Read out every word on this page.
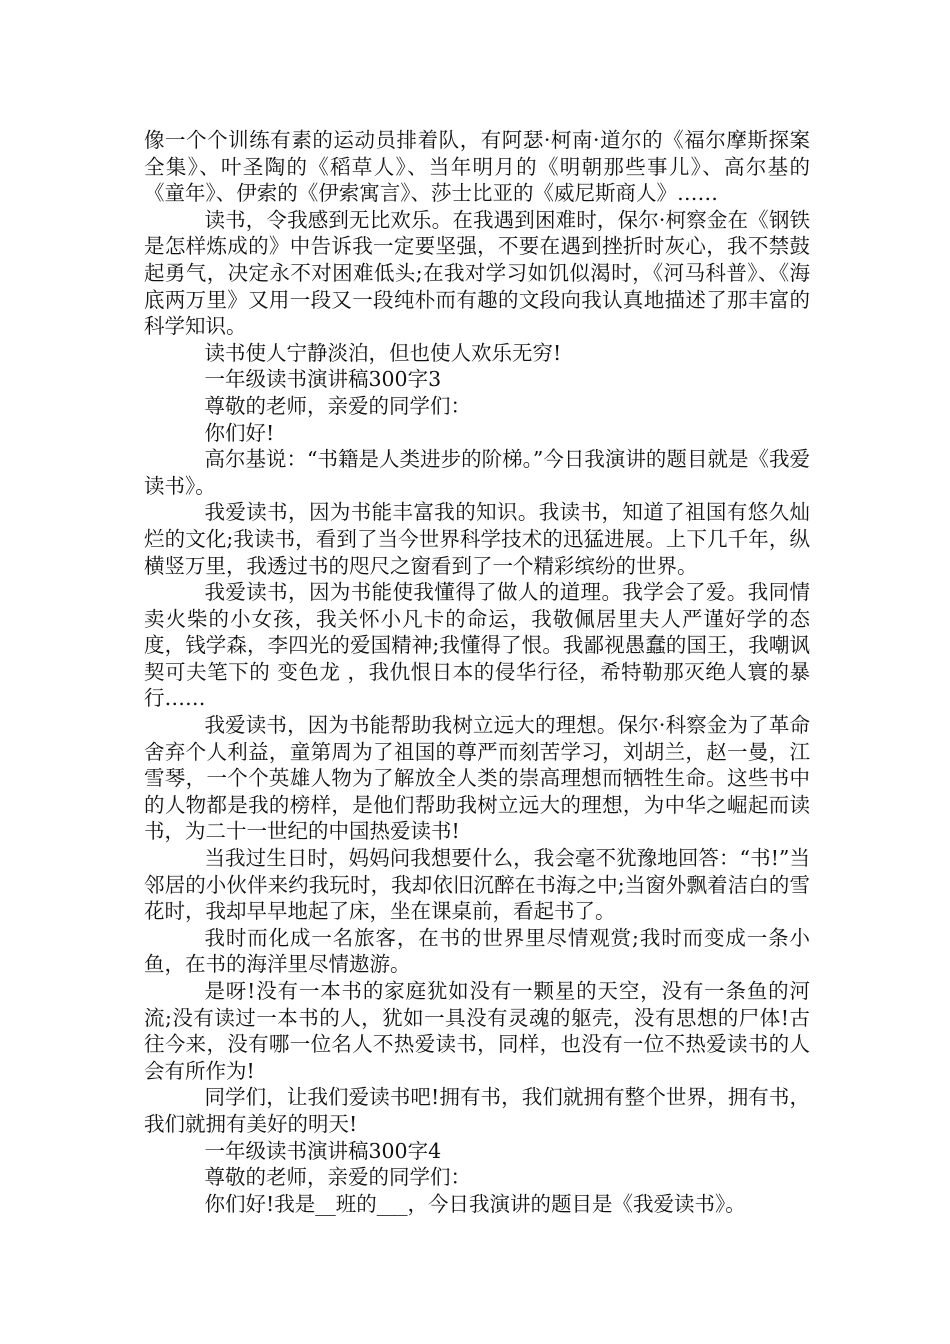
像一个个训练有素的运动员排着队，有阿瑟·柯南·道尔的《福尔摩斯探案全集》、叶圣陶的《稻草人》、当年明月的《明朝那些事儿》、高尔基的《童年》、伊索的《伊索寓言》、莎士比亚的《威尼斯商人》……

读书，令我感到无比欢乐。在我遇到困难时，保尔·柯察金在《钢铁是怎样炼成的》中告诉我一定要坚强，不要在遇到挫折时灰心，我不禁鼓起勇气，决定永不对困难低头;在我对学习如饥似渴时，《河马科普》、《海底两万里》又用一段又一段纯朴而有趣的文段向我认真地描述了那丰富的科学知识。

读书使人宁静淡泊，但也使人欢乐无穷!

一年级读书演讲稿300字3

尊敬的老师，亲爱的同学们：

你们好!

高尔基说：“书籍是人类进步的阶梯。”今日我演讲的题目就是《我爱读书》。

我爱读书，因为书能丰富我的知识。我读书，知道了祖国有悠久灿烂的文化;我读书，看到了当今世界科学技术的迅猛进展。上下几千年，纵横竖万里，我透过书的咫尺之窗看到了一个精彩缤纷的世界。

我爱读书，因为书能使我懂得了做人的道理。我学会了爱。我同情卖火柴的小女孩，我关怀小凡卡的命运，我敬佩居里夫人严谨好学的态度，钱学森，李四光的爱国精神;我懂得了恨。我鄙视愚蠢的国王，我嘲讽契可夫笔下的 变色龙 ，我仇恨日本的侵华行径，希特勒那灭绝人寰的暴行……

我爱读书，因为书能帮助我树立远大的理想。保尔·科察金为了革命舍弃个人利益，童第周为了祖国的尊严而刻苦学习，刘胡兰，赵一曼，江雪琴，一个个英雄人物为了解放全人类的崇高理想而牺牲生命。这些书中的人物都是我的榜样，是他们帮助我树立远大的理想，为中华之崛起而读书，为二十一世纪的中国热爱读书!

当我过生日时，妈妈问我想要什么，我会毫不犹豫地回答：“书!”当邻居的小伙伴来约我玩时，我却依旧沉醉在书海之中;当窗外飘着洁白的雪花时，我却早早地起了床，坐在课桌前，看起书了。

我时而化成一名旅客，在书的世界里尽情观赏;我时而变成一条小鱼，在书的海洋里尽情遨游。

是呀!没有一本书的家庭犹如没有一颗星的天空，没有一条鱼的河流;没有读过一本书的人，犹如一具没有灵魂的躯壳，没有思想的尸体!古往今来，没有哪一位名人不热爱读书，同样，也没有一位不热爱读书的人会有所作为!

同学们，让我们爱读书吧!拥有书，我们就拥有整个世界，拥有书，我们就拥有美好的明天!

一年级读书演讲稿300字4

尊敬的老师，亲爱的同学们：

你们好!我是__班的___，今日我演讲的题目是《我爱读书》。
